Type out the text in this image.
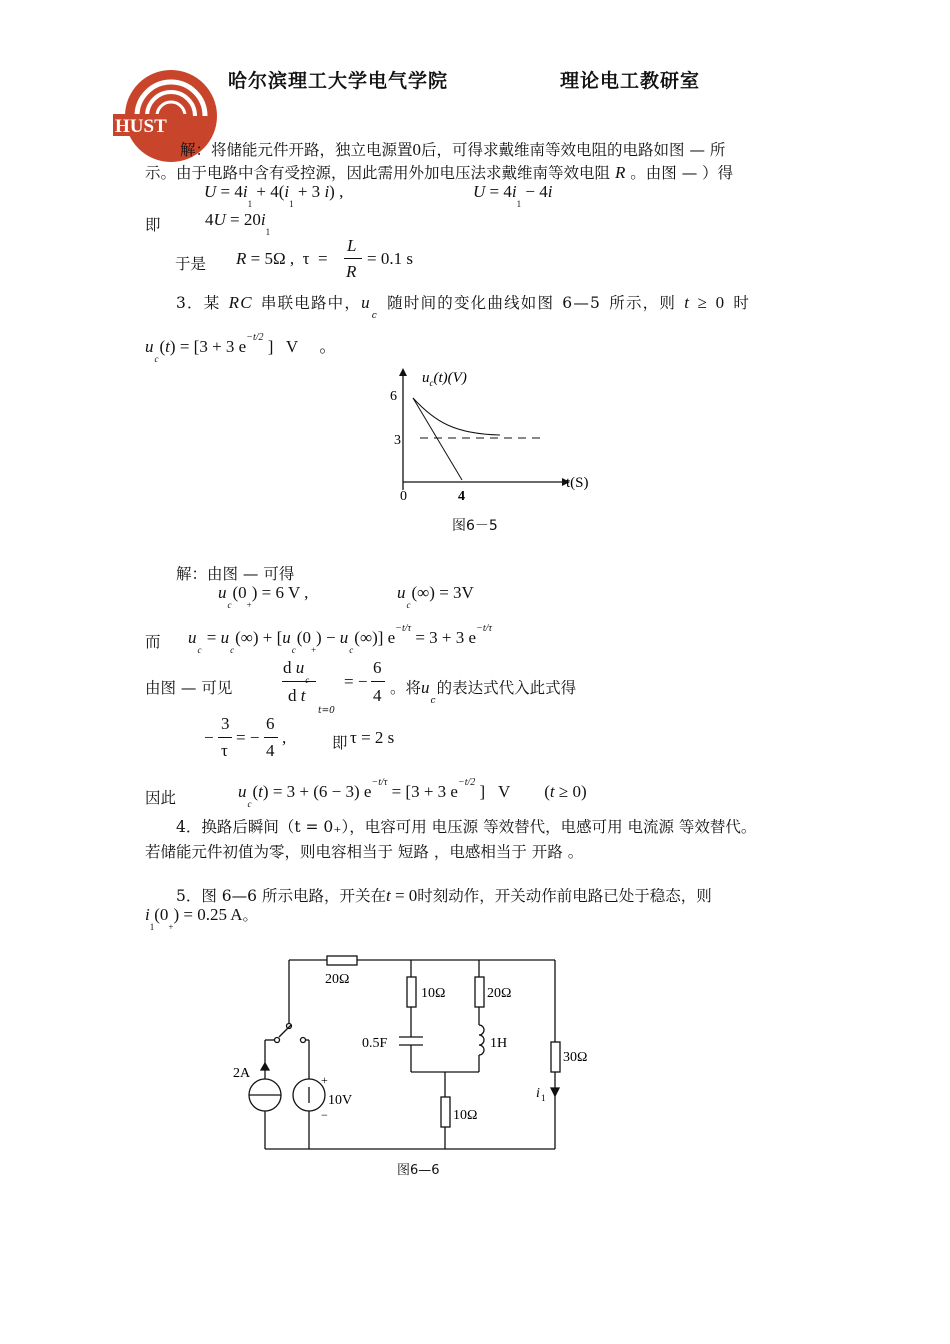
HUST
哈尔滨理工大学电气学院	理论电工教研室
解：将储能元件开路，独立电源置0后，可得求戴维南等效电阻的电路如图 — 所
示。由于电路中含有受控源，因此需用外加电压法求戴维南等效电阻 R 。由图 — ）得
$U = 4i_1 + 4(i_1 + 3$ i) ,	$U = 4i_1 - 4i$
即	$4U = 20i_1$
于是 R = 5Ω ,  τ  =
L
R
= 0.1 s
3．某 RC 串联电路中，$u_c$ 随时间的变化曲线如图 6—5 所示，则 t ≥ 0 时
$u_c(t) = [3 + 3$ $e^{-t/2}$ ]   V     。
$u_c(t)(V)$
t(S)
6
3
0	4
图6－5
解：由图 — 可得
$u_c(0_+) = 6$ V ,	$u_c(\infty) = 3V$
而 $u_c = u_c(\infty) + [u_c(0_+) - u_c(\infty)] e^{-t/\tau} = 3 + 3$ $e^{-t/\tau}$
由图 — 可见
d $u_c$
d t
t=0
= −
6
4 。将$u_c$的表达式代入此式得
−
3
τ
= −
6
4
,	即 τ = 2 s
因此	$u_c(t) = 3 + (6 - 3) e^{-t/\tau} = [3 + 3$ $e^{-t/2}$ ]   V        (t ≥ 0)
4．换路后瞬间（t = 0₊），电容可用 电压源 等效替代，电感可用 电流源 等效替代。
若储能元件初值为零，则电容相当于 短路 ，电感相当于 开路 。
5．图 6—6 所示电路，开关在t = 0时刻动作，开关动作前电路已处于稳态，则
$i_1(0_+) = 0.25$ A。
20Ω
10Ω	20Ω
0.5F	1H
30Ω
10Ω
2A
10V
+
−
i 1
图6—6
